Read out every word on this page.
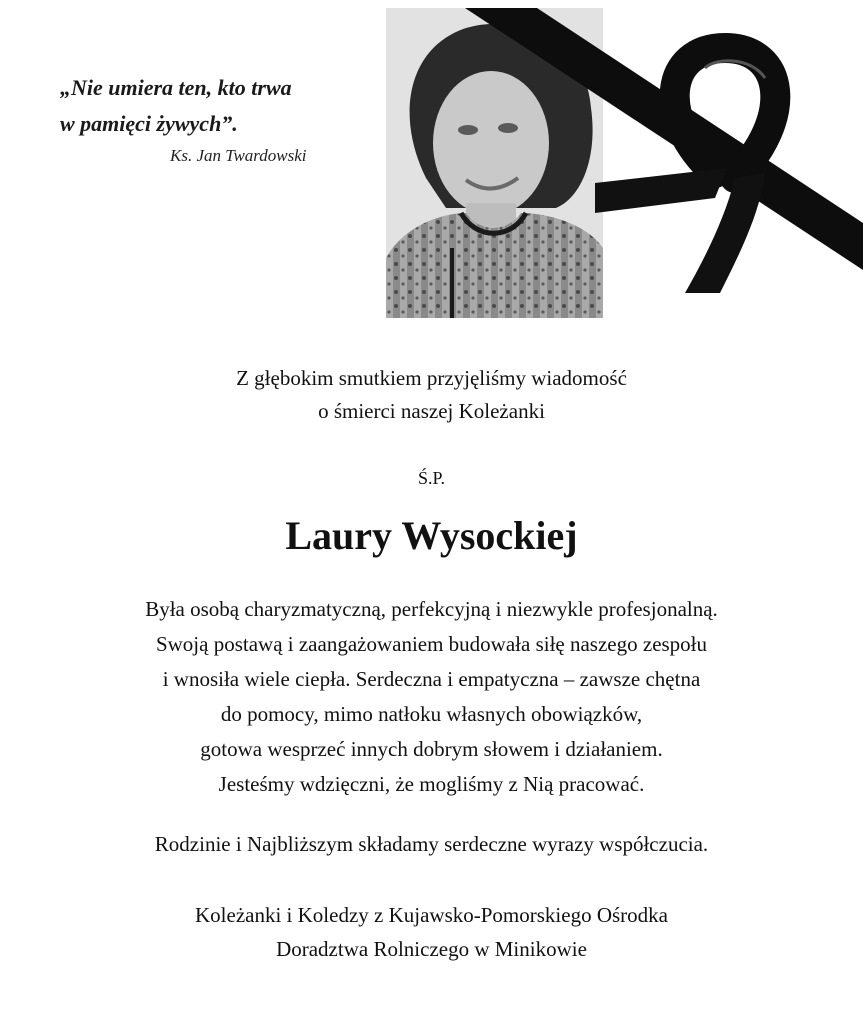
„Nie umiera ten, kto trwa
w pamięci żywych”.
Ks. Jan Twardowski
Z głębokim smutkiem przyjęliśmy wiadomość
o śmierci naszej Koleżanki
Ś.P.
Laury Wysockiej
Była osobą charyzmatyczną, perfekcyjną i niezwykle profesjonalną.
Swoją postawą i zaangażowaniem budowała siłę naszego zespołu
i wnosiła wiele ciepła. Serdeczna i empatyczna – zawsze chętna
do pomocy, mimo natłoku własnych obowiązków,
gotowa wesprzeć innych dobrym słowem i działaniem.
Jesteśmy wdzięczni, że mogliśmy z Nią pracować.
Rodzinie i Najbliższym składamy serdeczne wyrazy współczucia.
Koleżanki i Koledzy z Kujawsko-Pomorskiego Ośrodka
Doradztwa Rolniczego w Minikowie
